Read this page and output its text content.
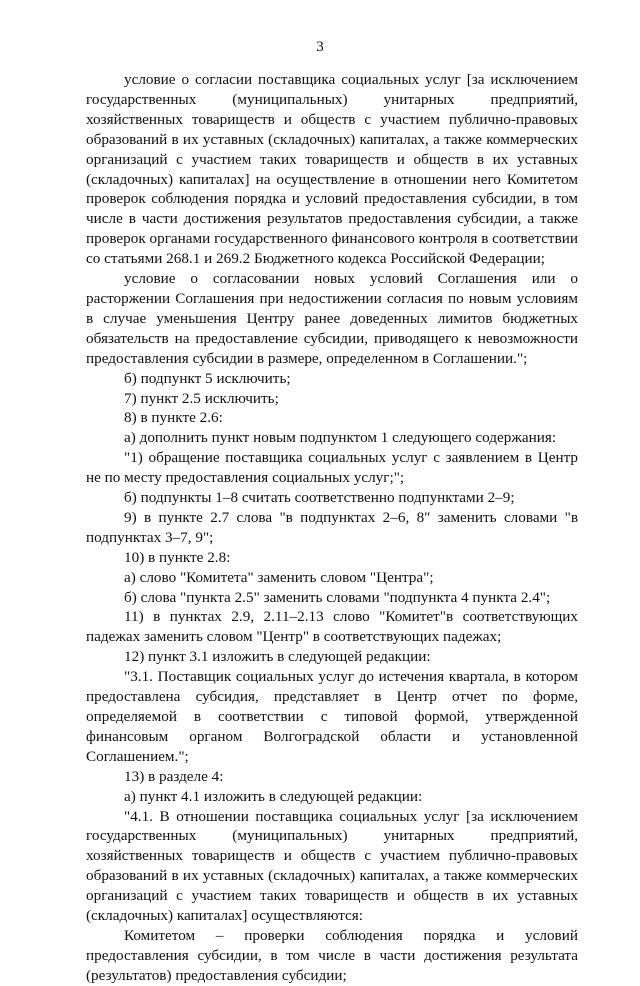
3

условие о согласии поставщика социальных услуг [за исключением государственных (муниципальных) унитарных предприятий, хозяйственных товариществ и обществ с участием публично-правовых образований в их уставных (складочных) капиталах, а также коммерческих организаций с участием таких товариществ и обществ в их уставных (складочных) капиталах] на осуществление в отношении него Комитетом проверок соблюдения порядка и условий предоставления субсидии, в том числе в части достижения результатов предоставления субсидии, а также проверок органами государственного финансового контроля в соответствии со статьями 268.1 и 269.2 Бюджетного кодекса Российской Федерации;

условие о согласовании новых условий Соглашения или о расторжении Соглашения при недостижении согласия по новым условиям в случае уменьшения Центру ранее доведенных лимитов бюджетных обязательств на предоставление субсидии, приводящего к невозможности предоставления субсидии в размере, определенном в Соглашении.";

б) подпункт 5 исключить;

7) пункт 2.5 исключить;

8) в пункте 2.6:

а) дополнить пункт новым подпунктом 1 следующего содержания:

"1) обращение поставщика социальных услуг с заявлением в Центр не по месту предоставления социальных услуг;";

б) подпункты 1–8 считать соответственно подпунктами 2–9;

9) в пункте 2.7 слова "в подпунктах 2–6, 8" заменить словами "в подпунктах 3–7, 9";

10) в пункте 2.8:

а) слово "Комитета" заменить словом "Центра";

б) слова "пункта 2.5" заменить словами "подпункта 4 пункта 2.4";

11) в пунктах 2.9, 2.11–2.13 слово "Комитет"в соответствующих падежах заменить словом "Центр" в соответствующих падежах;

12) пункт 3.1 изложить в следующей редакции:

"3.1. Поставщик социальных услуг до истечения квартала, в котором предоставлена субсидия, представляет в Центр отчет по форме, определяемой в соответствии с типовой формой, утвержденной финансовым органом Волгоградской области и установленной Соглашением.";

13) в разделе 4:

а) пункт 4.1 изложить в следующей редакции:

"4.1. В отношении поставщика социальных услуг [за исключением государственных (муниципальных) унитарных предприятий, хозяйственных товариществ и обществ с участием публично-правовых образований в их уставных (складочных) капиталах, а также коммерческих организаций с участием таких товариществ и обществ в их уставных (складочных) капиталах] осуществляются:

Комитетом – проверки соблюдения порядка и условий предоставления субсидии, в том числе в части достижения результата (результатов) предоставления субсидии;
